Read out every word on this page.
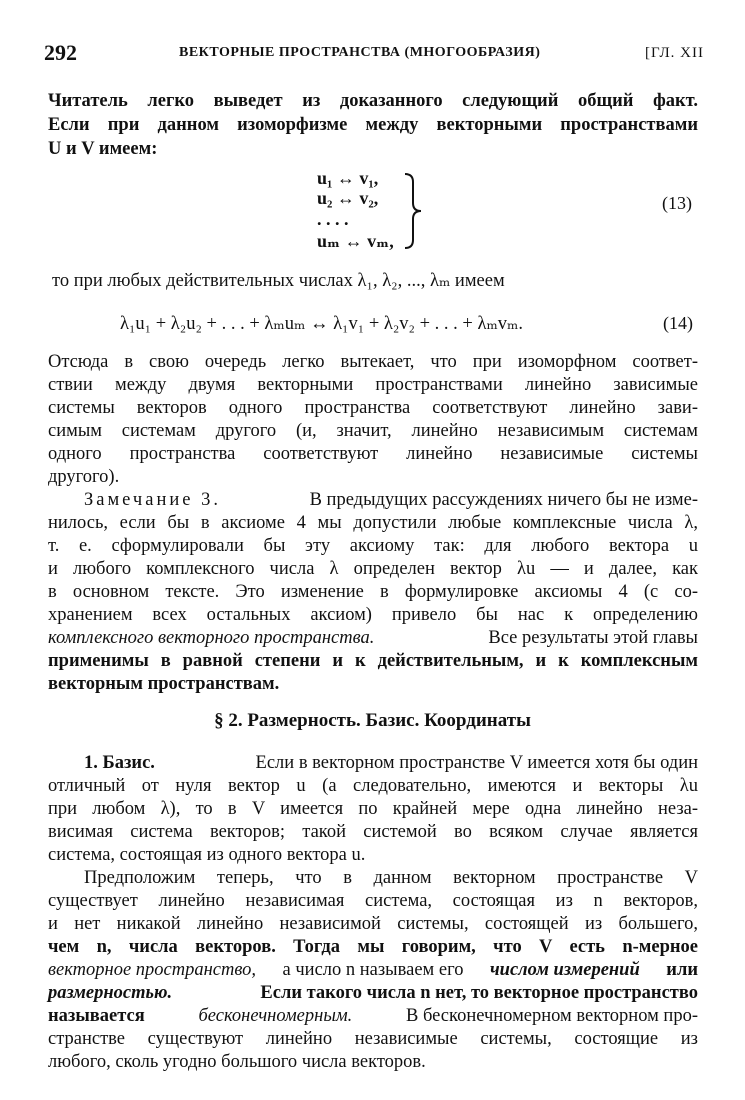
292	ВЕКТОРНЫЕ ПРОСТРАНСТВА (МНОГООБРАЗИЯ)	[ГЛ. XII
Читатель легко выведет из доказанного следующий общий факт.
Если при данном изоморфизме между векторными пространствами
U и V имеем:
u₁ ↔ v₁,
u₂ ↔ v₂,
. . . .
uₘ ↔ vₘ,
(13)
то при любых действительных числах λ₁, λ₂, ..., λₘ имеем
λ₁u₁ + λ₂u₂ + . . . + λₘuₘ ↔ λ₁v₁ + λ₂v₂ + . . . + λₘvₘ.	(14)
Отсюда в свою очередь легко вытекает, что при изоморфном соответ-
ствии между двумя векторными пространствами линейно зависимые
системы векторов одного пространства соответствуют линейно зави-
симым системам другого (и, значит, линейно независимым системам
одного пространства соответствуют линейно независимые системы
другого).
Замечание 3.	В предыдущих рассуждениях ничего бы не изме-
нилось, если бы в аксиоме 4 мы допустили любые комплексные числа λ,
т. е. сформулировали бы эту аксиому так: для любого вектора u
и любого комплексного числа λ определен вектор λu — и далее, как
в основном тексте. Это изменение в формулировке аксиомы 4 (с со-
хранением всех остальных аксиом) привело бы нас к определению
комплексного векторного пространства.	Все результаты этой главы
применимы в равной степени и к действительным, и к комплексным
векторным пространствам.
§ 2. Размерность. Базис. Координаты
1. Базис.	Если в векторном пространстве V имеется хотя бы один
отличный от нуля вектор u (а следовательно, имеются и векторы λu
при любом λ), то в V имеется по крайней мере одна линейно неза-
висимая система векторов; такой системой во всяком случае является
система, состоящая из одного вектора u.
Предположим теперь, что в данном векторном пространстве V
существует линейно независимая система, состоящая из n векторов,
и нет никакой линейно независимой системы, состоящей из большего,
чем n, числа векторов. Тогда мы говорим, что V есть n-мерное
векторное пространство, а число n называем его числом измерений или
размерностью.	Если такого числа n нет, то векторное пространство
называется	бесконечномерным.	В бесконечномерном векторном про-
странстве существуют линейно независимые системы, состоящие из
любого, сколь угодно большого числа векторов.
